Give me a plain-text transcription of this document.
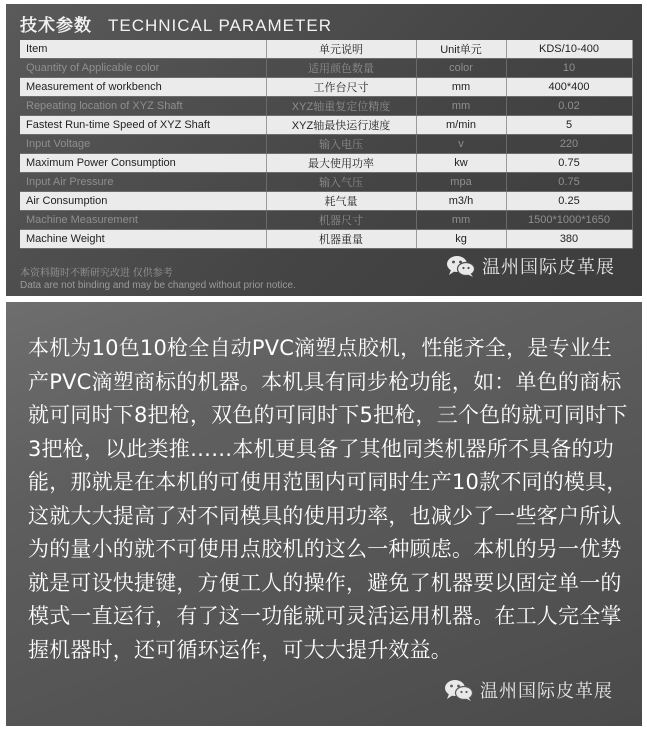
技术参数 TECHNICAL PARAMETER
Item	单元说明	Unit单元	KDS/10-400
Quantity of Applicable color	适用颜色数量	color	10
Measurement of workbench	工作台尺寸	mm	400*400
Repeating location of XYZ Shaft	XYZ轴重复定位精度	mm	0.02
Fastest Run-time Speed of XYZ Shaft	XYZ轴最快运行速度	m/min	5
Input Voltage	输入电压	v	220
Maximum Power Consumption	最大使用功率	kw	0.75
Input Air Pressure	输入气压	mpa	0.75
Air Consumption	耗气量	m3/h	0.25
Machine Measurement	机器尺寸	mm	1500*1000*1650
Machine Weight	机器重量	kg	380
本资料随时不断研究改进 仅供参考
Data are not binding and may be changed without prior notice.
温州国际皮革展
本机为10色10枪全自动PVC滴塑点胶机，性能齐全，是专业生产PVC滴塑商标的机器。本机具有同步枪功能，如：单色的商标就可同时下8把枪，双色的可同时下5把枪，三个色的就可同时下3把枪，以此类推……本机更具备了其他同类机器所不具备的功能，那就是在本机的可使用范围内可同时生产10款不同的模具，这就大大提高了对不同模具的使用功率，也减少了一些客户所认为的量小的就不可使用点胶机的这么一种顾虑。本机的另一优势就是可设快捷键，方便工人的操作，避免了机器要以固定单一的模式一直运行，有了这一功能就可灵活运用机器。在工人完全掌握机器时，还可循环运作，可大大提升效益。
温州国际皮革展
